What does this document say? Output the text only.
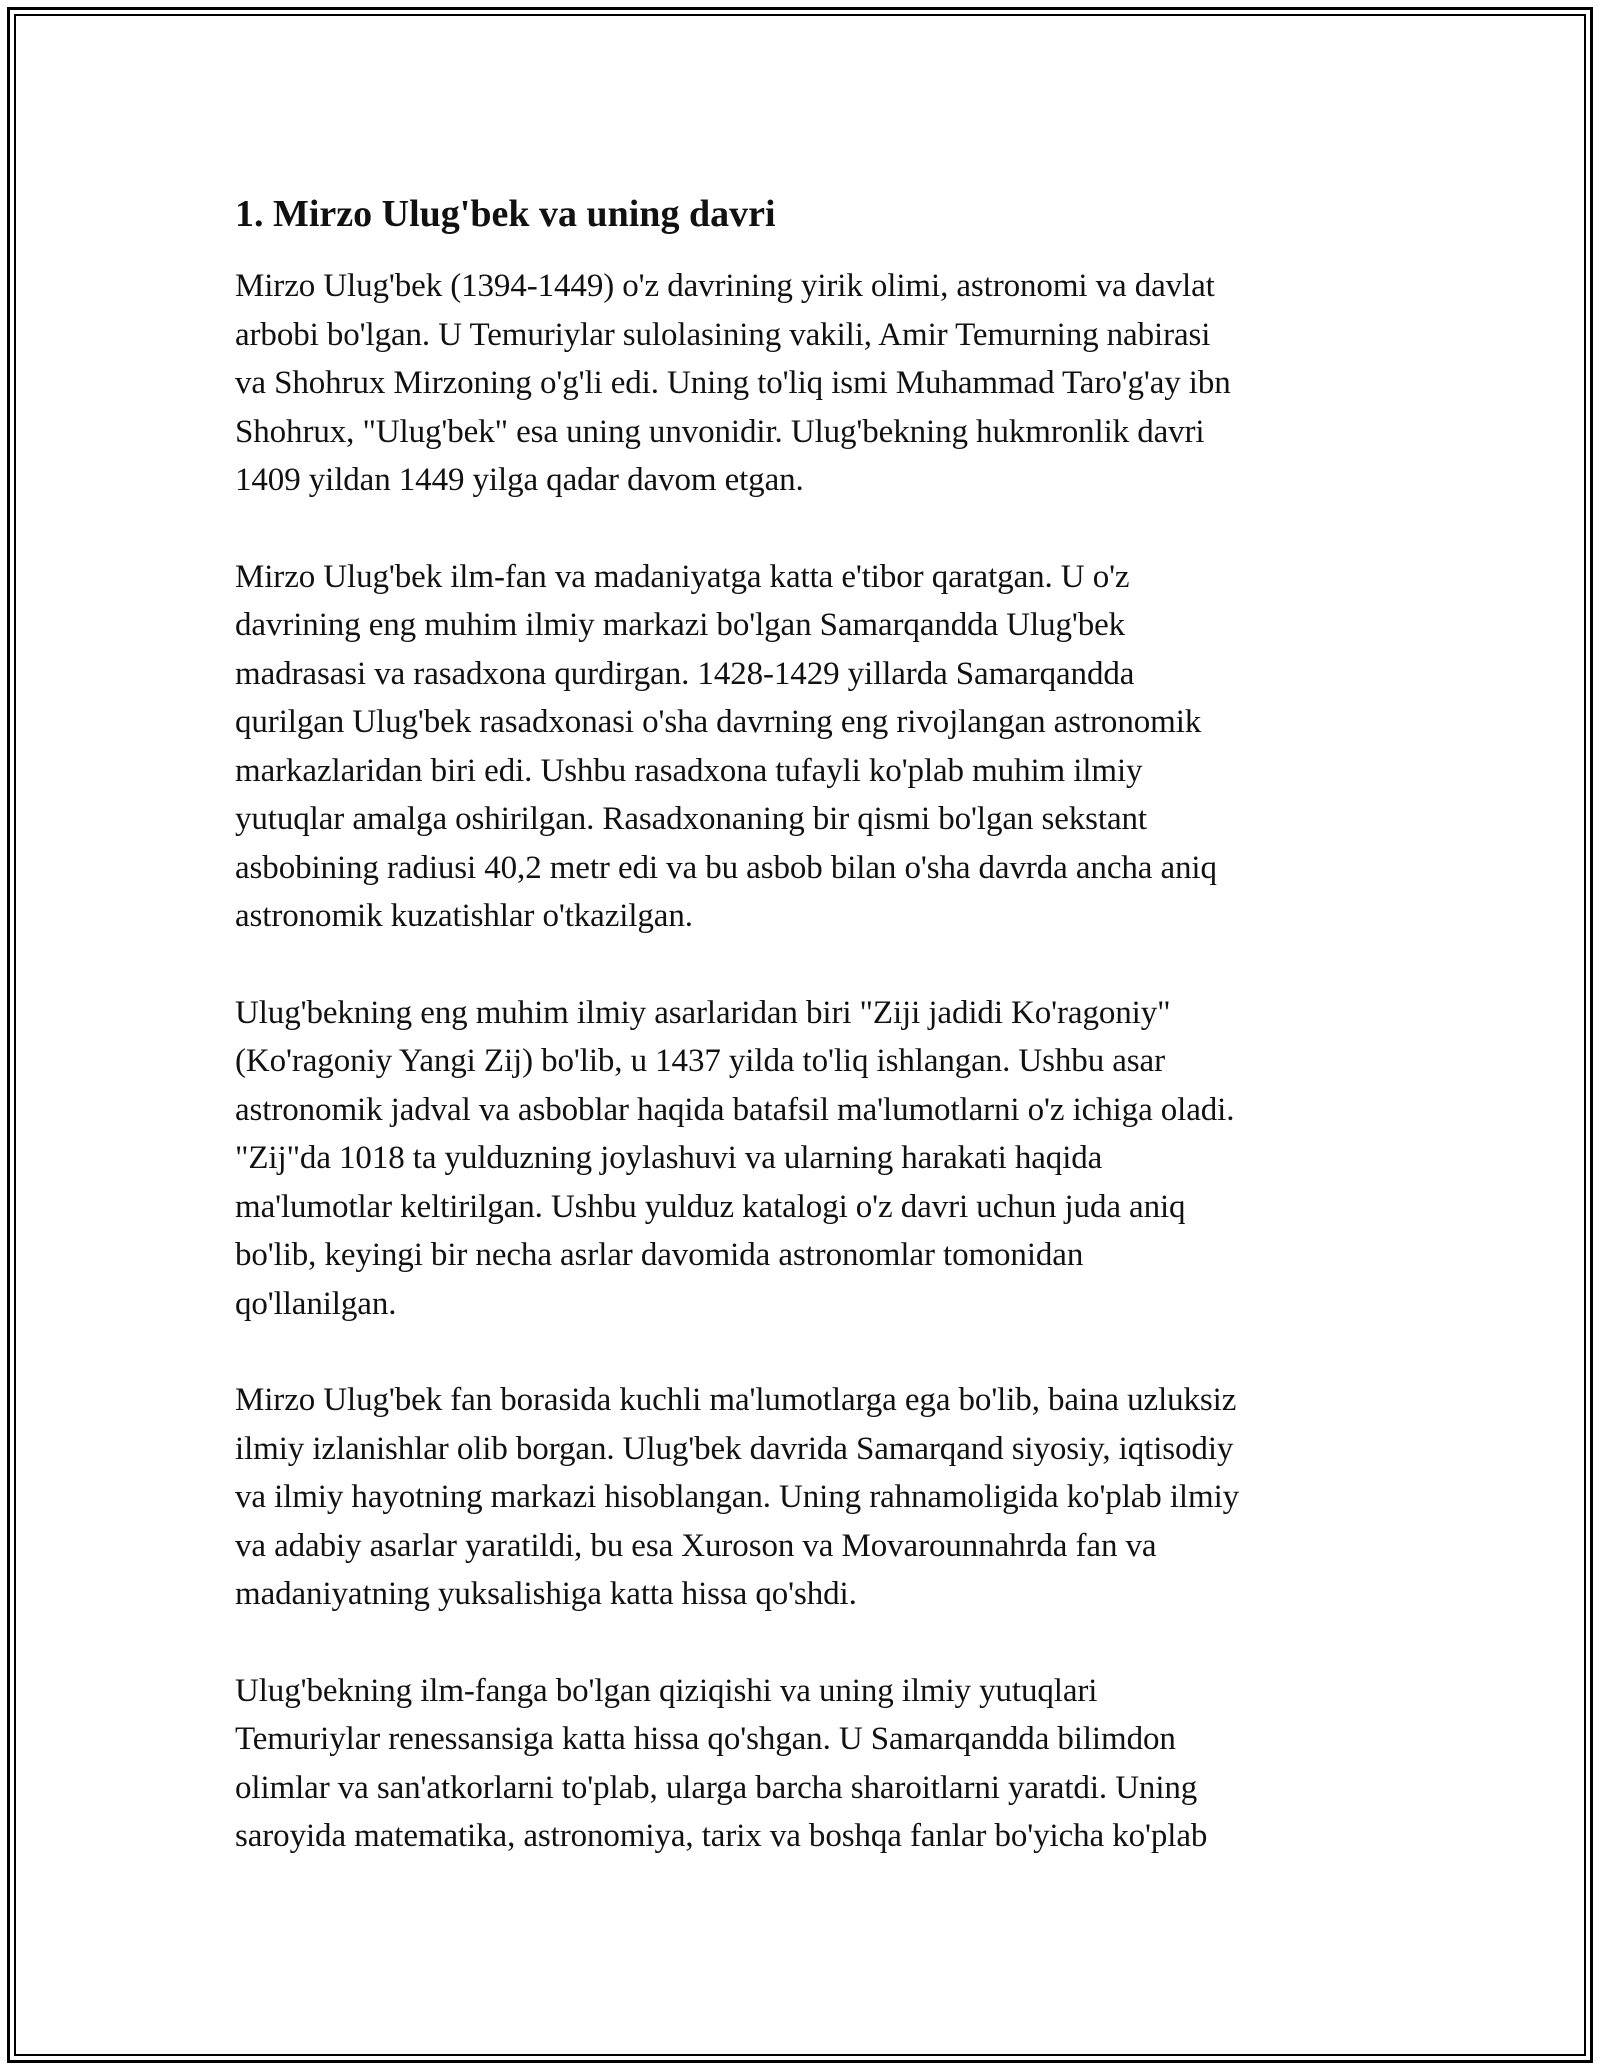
1. Mirzo Ulug'bek va uning davri

Mirzo Ulug'bek (1394-1449) o'z davrining yirik olimi, astronomi va davlat
arbobi bo'lgan. U Temuriylar sulolasining vakili, Amir Temurning nabirasi
va Shohrux Mirzoning o'g'li edi. Uning to'liq ismi Muhammad Taro'g'ay ibn
Shohrux, "Ulug'bek" esa uning unvonidir. Ulug'bekning hukmronlik davri
1409 yildan 1449 yilga qadar davom etgan.

Mirzo Ulug'bek ilm-fan va madaniyatga katta e'tibor qaratgan. U o'z
davrining eng muhim ilmiy markazi bo'lgan Samarqandda Ulug'bek
madrasasi va rasadxona qurdirgan. 1428-1429 yillarda Samarqandda
qurilgan Ulug'bek rasadxonasi o'sha davrning eng rivojlangan astronomik
markazlaridan biri edi. Ushbu rasadxona tufayli ko'plab muhim ilmiy
yutuqlar amalga oshirilgan. Rasadxonaning bir qismi bo'lgan sekstant
asbobining radiusi 40,2 metr edi va bu asbob bilan o'sha davrda ancha aniq
astronomik kuzatishlar o'tkazilgan.

Ulug'bekning eng muhim ilmiy asarlaridan biri "Ziji jadidi Ko'ragoniy"
(Ko'ragoniy Yangi Zij) bo'lib, u 1437 yilda to'liq ishlangan. Ushbu asar
astronomik jadval va asboblar haqida batafsil ma'lumotlarni o'z ichiga oladi.
"Zij"da 1018 ta yulduzning joylashuvi va ularning harakati haqida
ma'lumotlar keltirilgan. Ushbu yulduz katalogi o'z davri uchun juda aniq
bo'lib, keyingi bir necha asrlar davomida astronomlar tomonidan
qo'llanilgan.

Mirzo Ulug'bek fan borasida kuchli ma'lumotlarga ega bo'lib, baina uzluksiz
ilmiy izlanishlar olib borgan. Ulug'bek davrida Samarqand siyosiy, iqtisodiy
va ilmiy hayotning markazi hisoblangan. Uning rahnamoligida ko'plab ilmiy
va adabiy asarlar yaratildi, bu esa Xuroson va Movarounnahrda fan va
madaniyatning yuksalishiga katta hissa qo'shdi.

Ulug'bekning ilm-fanga bo'lgan qiziqishi va uning ilmiy yutuqlari
Temuriylar renessansiga katta hissa qo'shgan. U Samarqandda bilimdon
olimlar va san'atkorlarni to'plab, ularga barcha sharoitlarni yaratdi. Uning
saroyida matematika, astronomiya, tarix va boshqa fanlar bo'yicha ko'plab
